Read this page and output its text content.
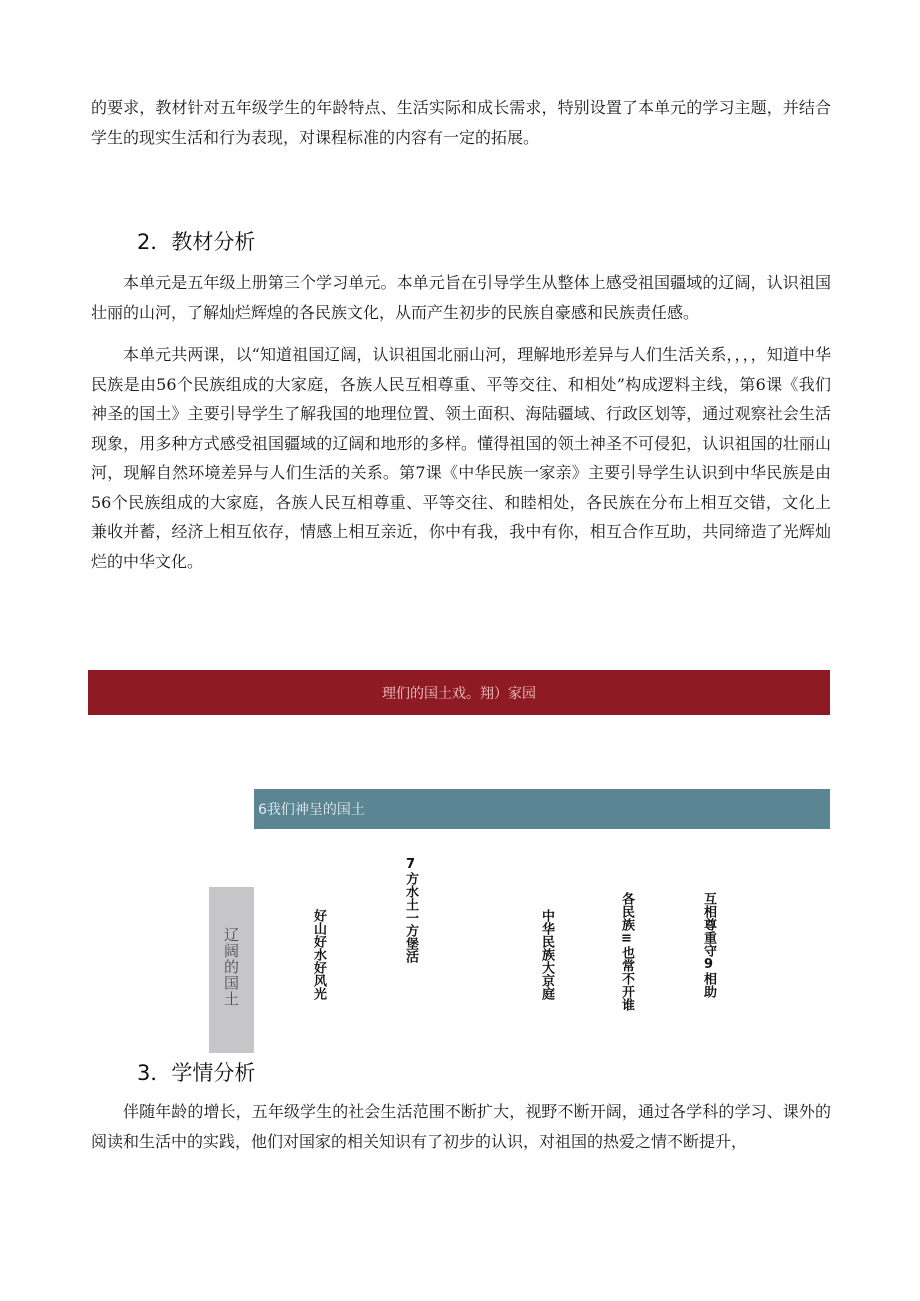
的要求，教材针对五年级学生的年龄特点、生活实际和成长需求，特别设置了本单元的学习主题，并结合学生的现实生活和行为表现，对课程标准的内容有一定的拓展。

2．教材分析

本单元是五年级上册第三个学习单元。本单元旨在引导学生从整体上感受祖国疆域的辽阔，认识祖国壮丽的山河，了解灿烂辉煌的各民族文化，从而产生初步的民族自豪感和民族责任感。

本单元共两课，以“知道祖国辽阔，认识祖国北丽山河，理解地形差异与人们生活关系，，，，知道中华民族是由56个民族组成的大家庭，各族人民互相尊重、平等交往、和相处”构成逻料主线，第6课《我们神圣的国土》主要引导学生了解我国的地理位置、领土面积、海陆疆域、行政区划等，通过观察社会生活现象，用多种方式感受祖国疆域的辽阔和地形的多样。懂得祖国的领土神圣不可侵犯，认识祖国的壮丽山河，现解自然环境差异与人们生活的关系。第7课《中华民族一家亲》主要引导学生认识到中华民族是由56个民族组成的大家庭，各族人民互相尊重、平等交往、和睦相处，各民族在分布上相互交错，文化上兼收并蓄，经济上相互依存，情感上相互亲近，你中有我，我中有你，相互合作互助，共同缔造了光辉灿烂的中华文化。

理们的国土戏。翔）家园
6我们神呈的国土
辽阔的国土	好山好水好风光	7方水土一方堡活	中华民族大京庭	各民族≡也常不开谁	互相尊重守9相助
3．学情分析

伴随年龄的增长，五年级学生的社会生活范围不断扩大，视野不断开阔，通过各学科的学习、课外的阅读和生活中的实践，他们对国家的相关知识有了初步的认识，对祖国的热爱之情不断提升，
